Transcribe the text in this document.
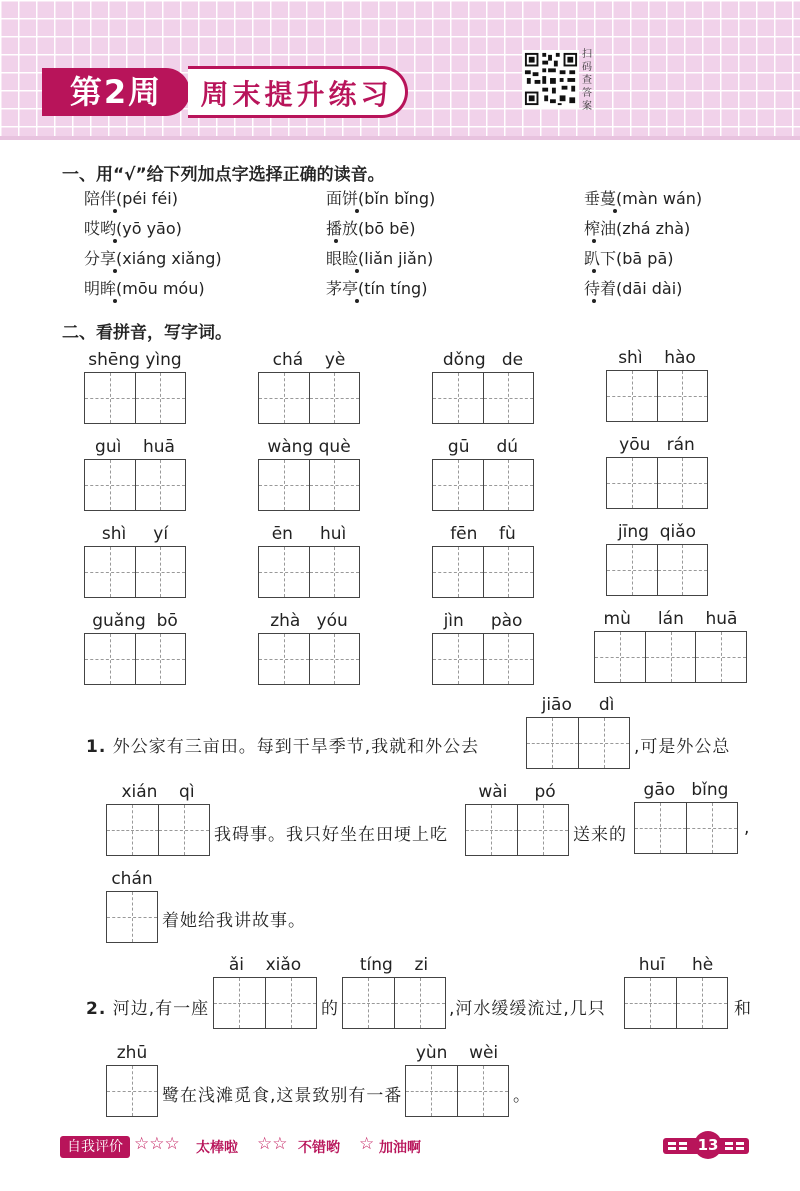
第2周	周末提升练习
扫
码
查
答
案
一、用“√”给下列加点字选择正确的读音。
陪伴(péi féi)	面饼(bǐn bǐng)	垂蔓(màn wán)
哎哟(yō yāo)	播放(bō bē)	榨油(zhá zhà)
分享(xiáng xiǎng)	眼睑(liǎn jiǎn)	趴下(bā pā)
明眸(mōu móu)	茅亭(tín tíng)	待着(dāi dài)
二、看拼音，写字词。
shēng yìng	chá yè	dǒng de	shì hào
guì huā	wàng què	gū dú	yōu rán
shì yí	ēn huì	fēn fù	jīng qiǎo
guǎng bō	zhà yóu	jìn pào	mù lán huā
jiāo dì
1. 外公家有三亩田。每到干旱季节,我就和外公去	,可是外公总
xián qì
我碍事。我只好坐在田埂上吃
wài pó
送来的
gāo bǐng
,
chán
着她给我讲故事。
ǎi xiǎo
2. 河边,有一座	的
tíng zi
,河水缓缓流过,几只
huī hè
和
zhū
鹭在浅滩觅食,这景致别有一番
yùn wèi
。
自我评价 ☆☆☆ 太棒啦 ☆☆ 不错哟 ☆ 加油啊	13
